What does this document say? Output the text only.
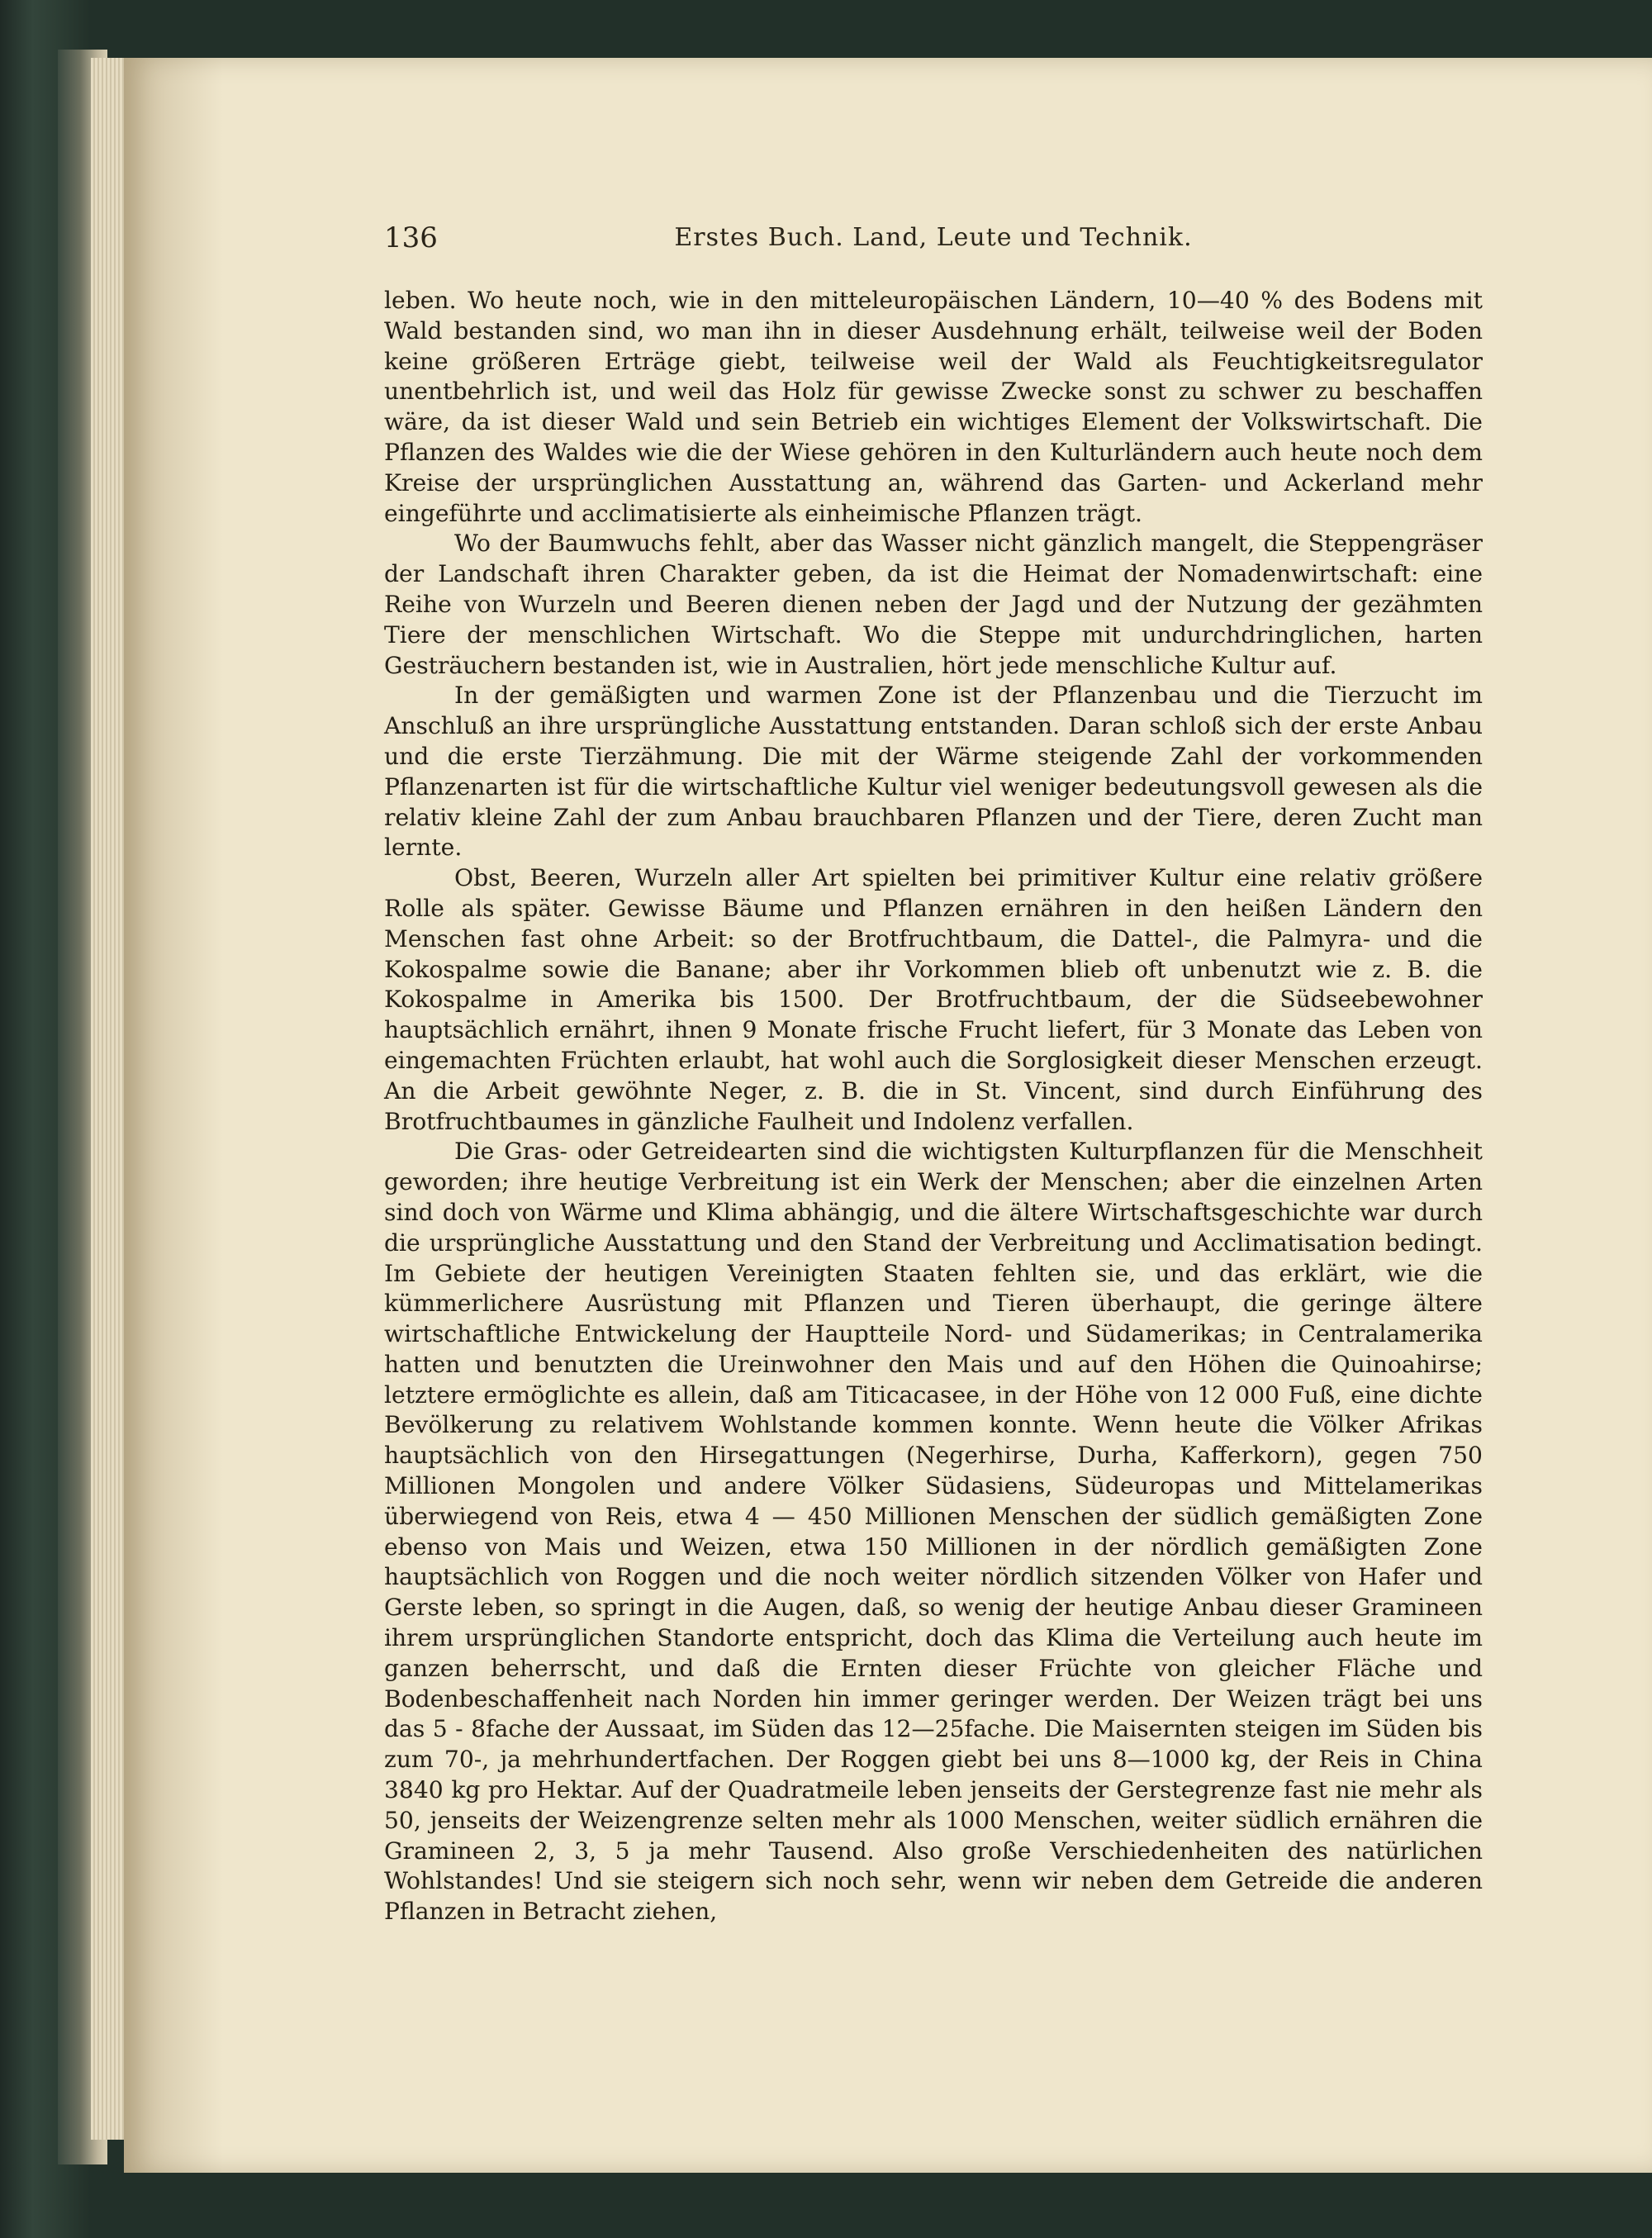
136	Erstes Buch. Land, Leute und Technik.

leben. Wo heute noch, wie in den mitteleuropäischen Ländern, 10—40 % des Bodens mit Wald bestanden sind, wo man ihn in dieser Ausdehnung erhält, teilweise weil der Boden keine größeren Erträge giebt, teilweise weil der Wald als Feuchtigkeitsregulator unentbehrlich ist, und weil das Holz für gewisse Zwecke sonst zu schwer zu beschaffen wäre, da ist dieser Wald und sein Betrieb ein wichtiges Element der Volkswirtschaft. Die Pflanzen des Waldes wie die der Wiese gehören in den Kulturländern auch heute noch dem Kreise der ursprünglichen Ausstattung an, während das Garten- und Ackerland mehr eingeführte und acclimatisierte als einheimische Pflanzen trägt.

Wo der Baumwuchs fehlt, aber das Wasser nicht gänzlich mangelt, die Steppengräser der Landschaft ihren Charakter geben, da ist die Heimat der Nomadenwirtschaft: eine Reihe von Wurzeln und Beeren dienen neben der Jagd und der Nutzung der gezähmten Tiere der menschlichen Wirtschaft. Wo die Steppe mit undurchdringlichen, harten Gesträuchern bestanden ist, wie in Australien, hört jede menschliche Kultur auf.

In der gemäßigten und warmen Zone ist der Pflanzenbau und die Tierzucht im Anschluß an ihre ursprüngliche Ausstattung entstanden. Daran schloß sich der erste Anbau und die erste Tierzähmung. Die mit der Wärme steigende Zahl der vorkommenden Pflanzenarten ist für die wirtschaftliche Kultur viel weniger bedeutungsvoll gewesen als die relativ kleine Zahl der zum Anbau brauchbaren Pflanzen und der Tiere, deren Zucht man lernte.

Obst, Beeren, Wurzeln aller Art spielten bei primitiver Kultur eine relativ größere Rolle als später. Gewisse Bäume und Pflanzen ernähren in den heißen Ländern den Menschen fast ohne Arbeit: so der Brotfruchtbaum, die Dattel-, die Palmyra- und die Kokospalme sowie die Banane; aber ihr Vorkommen blieb oft unbenutzt wie z. B. die Kokospalme in Amerika bis 1500. Der Brotfruchtbaum, der die Südseebewohner hauptsächlich ernährt, ihnen 9 Monate frische Frucht liefert, für 3 Monate das Leben von eingemachten Früchten erlaubt, hat wohl auch die Sorglosigkeit dieser Menschen erzeugt. An die Arbeit gewöhnte Neger, z. B. die in St. Vincent, sind durch Einführung des Brotfruchtbaumes in gänzliche Faulheit und Indolenz verfallen.

Die Gras- oder Getreidearten sind die wichtigsten Kulturpflanzen für die Menschheit geworden; ihre heutige Verbreitung ist ein Werk der Menschen; aber die einzelnen Arten sind doch von Wärme und Klima abhängig, und die ältere Wirtschaftsgeschichte war durch die ursprüngliche Ausstattung und den Stand der Verbreitung und Acclimatisation bedingt. Im Gebiete der heutigen Vereinigten Staaten fehlten sie, und das erklärt, wie die kümmerlichere Ausrüstung mit Pflanzen und Tieren überhaupt, die geringe ältere wirtschaftliche Entwickelung der Hauptteile Nord- und Südamerikas; in Centralamerika hatten und benutzten die Ureinwohner den Mais und auf den Höhen die Quinoahirse; letztere ermöglichte es allein, daß am Titicacasee, in der Höhe von 12 000 Fuß, eine dichte Bevölkerung zu relativem Wohlstande kommen konnte. Wenn heute die Völker Afrikas hauptsächlich von den Hirsegattungen (Negerhirse, Durha, Kafferkorn), gegen 750 Millionen Mongolen und andere Völker Südasiens, Südeuropas und Mittelamerikas überwiegend von Reis, etwa 4 — 450 Millionen Menschen der südlich gemäßigten Zone ebenso von Mais und Weizen, etwa 150 Millionen in der nördlich gemäßigten Zone hauptsächlich von Roggen und die noch weiter nördlich sitzenden Völker von Hafer und Gerste leben, so springt in die Augen, daß, so wenig der heutige Anbau dieser Gramineen ihrem ursprünglichen Standorte entspricht, doch das Klima die Verteilung auch heute im ganzen beherrscht, und daß die Ernten dieser Früchte von gleicher Fläche und Bodenbeschaffenheit nach Norden hin immer geringer werden. Der Weizen trägt bei uns das 5 - 8fache der Aussaat, im Süden das 12—25fache. Die Maisernten steigen im Süden bis zum 70-, ja mehrhundertfachen. Der Roggen giebt bei uns 8—1000 kg, der Reis in China 3840 kg pro Hektar. Auf der Quadratmeile leben jenseits der Gerstegrenze fast nie mehr als 50, jenseits der Weizengrenze selten mehr als 1000 Menschen, weiter südlich ernähren die Gramineen 2, 3, 5 ja mehr Tausend. Also große Verschiedenheiten des natürlichen Wohlstandes! Und sie steigern sich noch sehr, wenn wir neben dem Getreide die anderen Pflanzen in Betracht ziehen,
